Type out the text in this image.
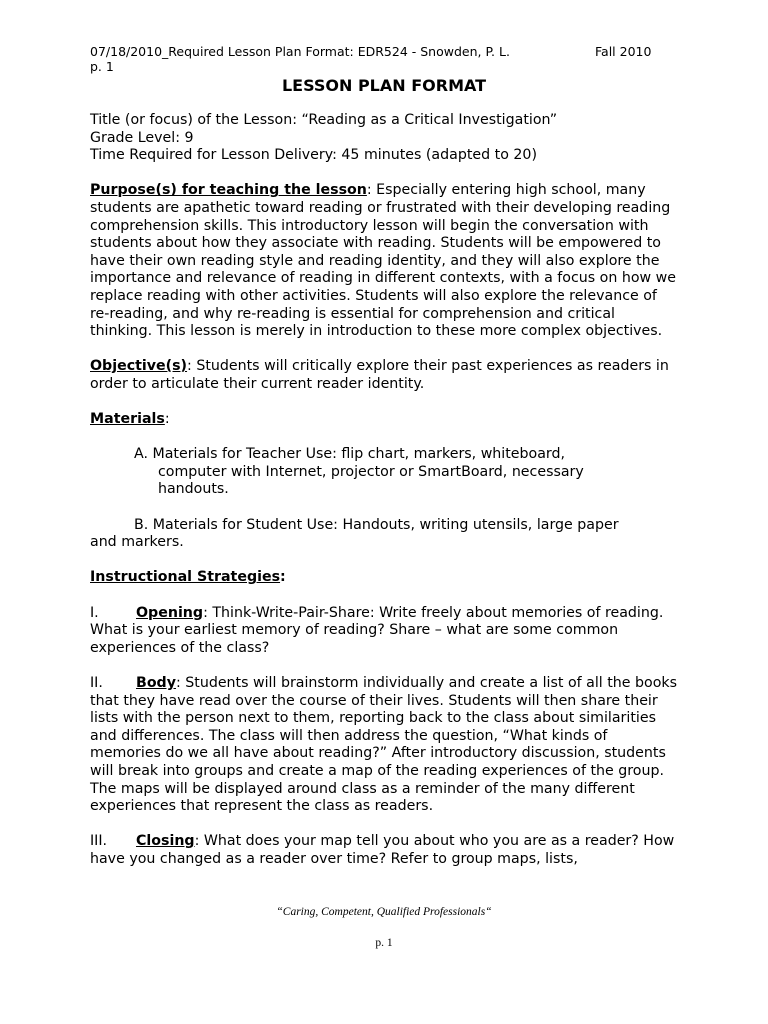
07/18/2010_Required Lesson Plan Format: EDR524 - Snowden, P. L.	Fall 2010
p. 1
LESSON PLAN FORMAT

Title (or focus) of the Lesson: “Reading as a Critical Investigation”

Grade Level: 9

Time Required for Lesson Delivery: 45 minutes (adapted to 20)

Purpose(s) for teaching the lesson: Especially entering high school, many students are apathetic toward reading or frustrated with their developing reading comprehension skills. This introductory lesson will begin the conversation with students about how they associate with reading. Students will be empowered to have their own reading style and reading identity, and they will also explore the importance and relevance of reading in different contexts, with a focus on how we replace reading with other activities. Students will also explore the relevance of re-reading, and why re-reading is essential for comprehension and critical thinking. This lesson is merely in introduction to these more complex objectives.

Objective(s): Students will critically explore their past experiences as readers in order to articulate their current reader identity.

Materials:

A. Materials for Teacher Use: flip chart, markers, whiteboard,

computer with Internet, projector or SmartBoard, necessary

handouts.

B. Materials for Student Use: Handouts, writing utensils, large paper

and markers.

Instructional Strategies:

I.	Opening: Think-Write-Pair-Share: Write freely about memories of reading. What is your earliest memory of reading? Share – what are some common experiences of the class?

II. Body: Students will brainstorm individually and create a list of all the books that they have read over the course of their lives. Students will then share their lists with the person next to them, reporting back to the class about similarities and differences. The class will then address the question, “What kinds of memories do we all have about reading?” After introductory discussion, students will break into groups and create a map of the reading experiences of the group. The maps will be displayed around class as a reminder of the many different experiences that represent the class as readers.

III. Closing: What does your map tell you about who you are as a reader? How have you changed as a reader over time? Refer to group maps, lists,

“Caring, Competent, Qualified Professionals“
p. 1
